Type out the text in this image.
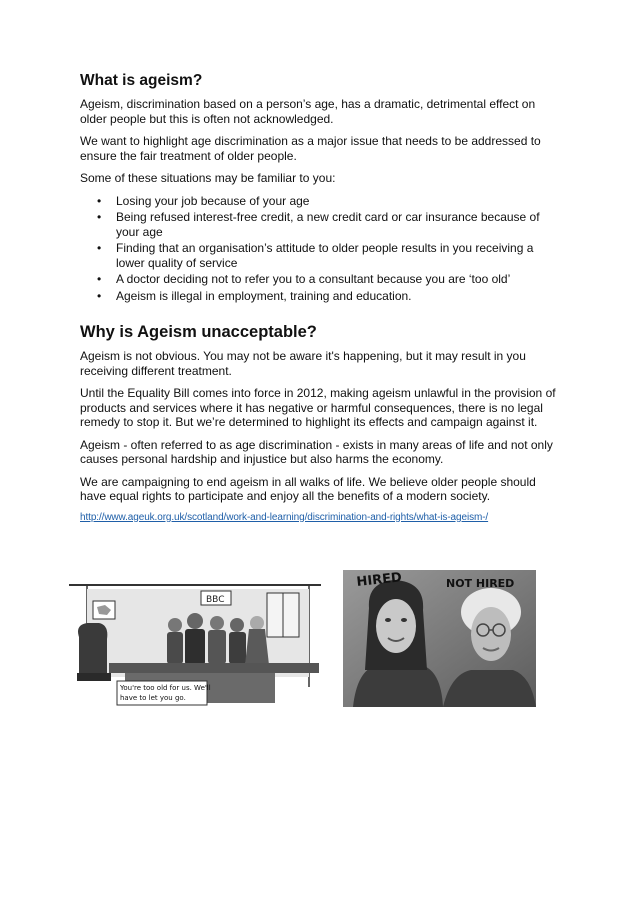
What is ageism?

Ageism, discrimination based on a person’s age, has a dramatic, detrimental effect on older people but this is often not acknowledged.

We want to highlight age discrimination as a major issue that needs to be addressed to ensure the fair treatment of older people.

Some of these situations may be familiar to you:

• Losing your job because of your age
• Being refused interest-free credit, a new credit card or car insurance because of your age
• Finding that an organisation’s attitude to older people results in you receiving a lower quality of service
• A doctor deciding not to refer you to a consultant because you are ‘too old’
• Ageism is illegal in employment, training and education.
Why is Ageism unacceptable?

Ageism is not obvious. You may not be aware it's happening, but it may result in you receiving different treatment.

Until the Equality Bill comes into force in 2012, making ageism unlawful in the provision of products and services where it has negative or harmful consequences, there is no legal remedy to stop it. But we’re determined to highlight its effects and campaign against it.

Ageism - often referred to as age discrimination - exists in many areas of life and not only causes personal hardship and injustice but also harms the economy.

We are campaigning to end ageism in all walks of life. We believe older people should have equal rights to participate and enjoy all the benefits of a modern society.

http://www.ageuk.org.uk/scotland/work-and-learning/discrimination-and-rights/what-is-ageism-/
BBC
You're too old for us. We'll
have to let you go.
HIRED	NOT HIRED
